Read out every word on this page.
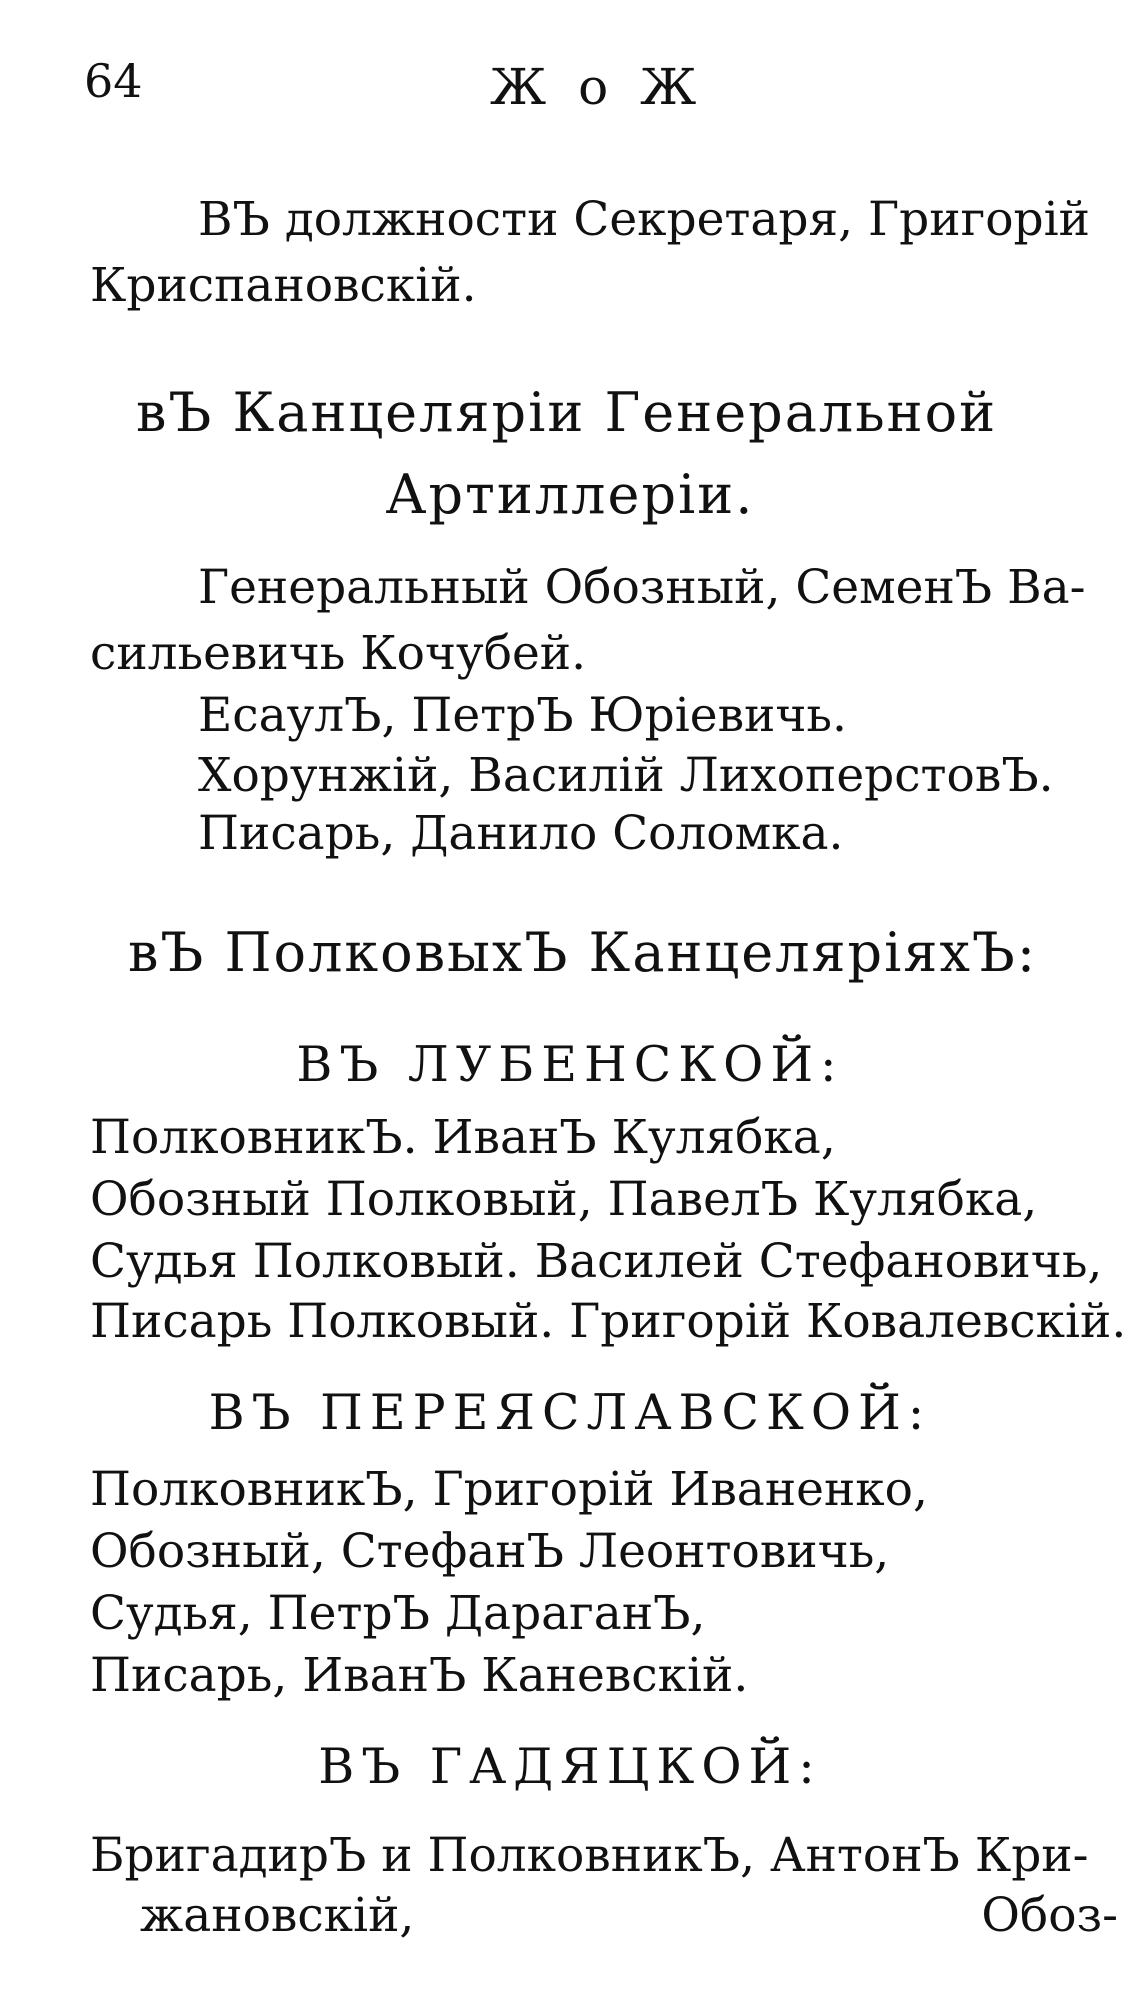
64	Ж о Ж
ВЪ должности Секретаря, Григорій
Криспановскій.
вЪ Канцеляріи Генеральной
Артиллеріи.
Генеральный Обозный, СеменЪ Ва-
сильевичь Кочубей.
ЕсаулЪ, ПетрЪ Юріевичь.
Хорунжій, Василій ЛихоперстовЪ.
Писарь, Данило Соломка.
вЪ ПолковыхЪ КанцеляріяхЪ:
ВЪ ЛУБЕНСКОЙ:
ПолковникЪ. ИванЪ Кулябка,
Обозный Полковый, ПавелЪ Кулябка,
Судья Полковый. Василей Стефановичь,
Писарь Полковый. Григорій Ковалевскій.
ВЪ ПЕРЕЯСЛАВСКОЙ:
ПолковникЪ, Григорій Иваненко,
Обозный, СтефанЪ Леонтовичь,
Судья, ПетрЪ ДараганЪ,
Писарь, ИванЪ Каневскій.
ВЪ ГАДЯЦКОЙ:
БригадирЪ и ПолковникЪ, АнтонЪ Кри-
жановскій,	Обоз-
